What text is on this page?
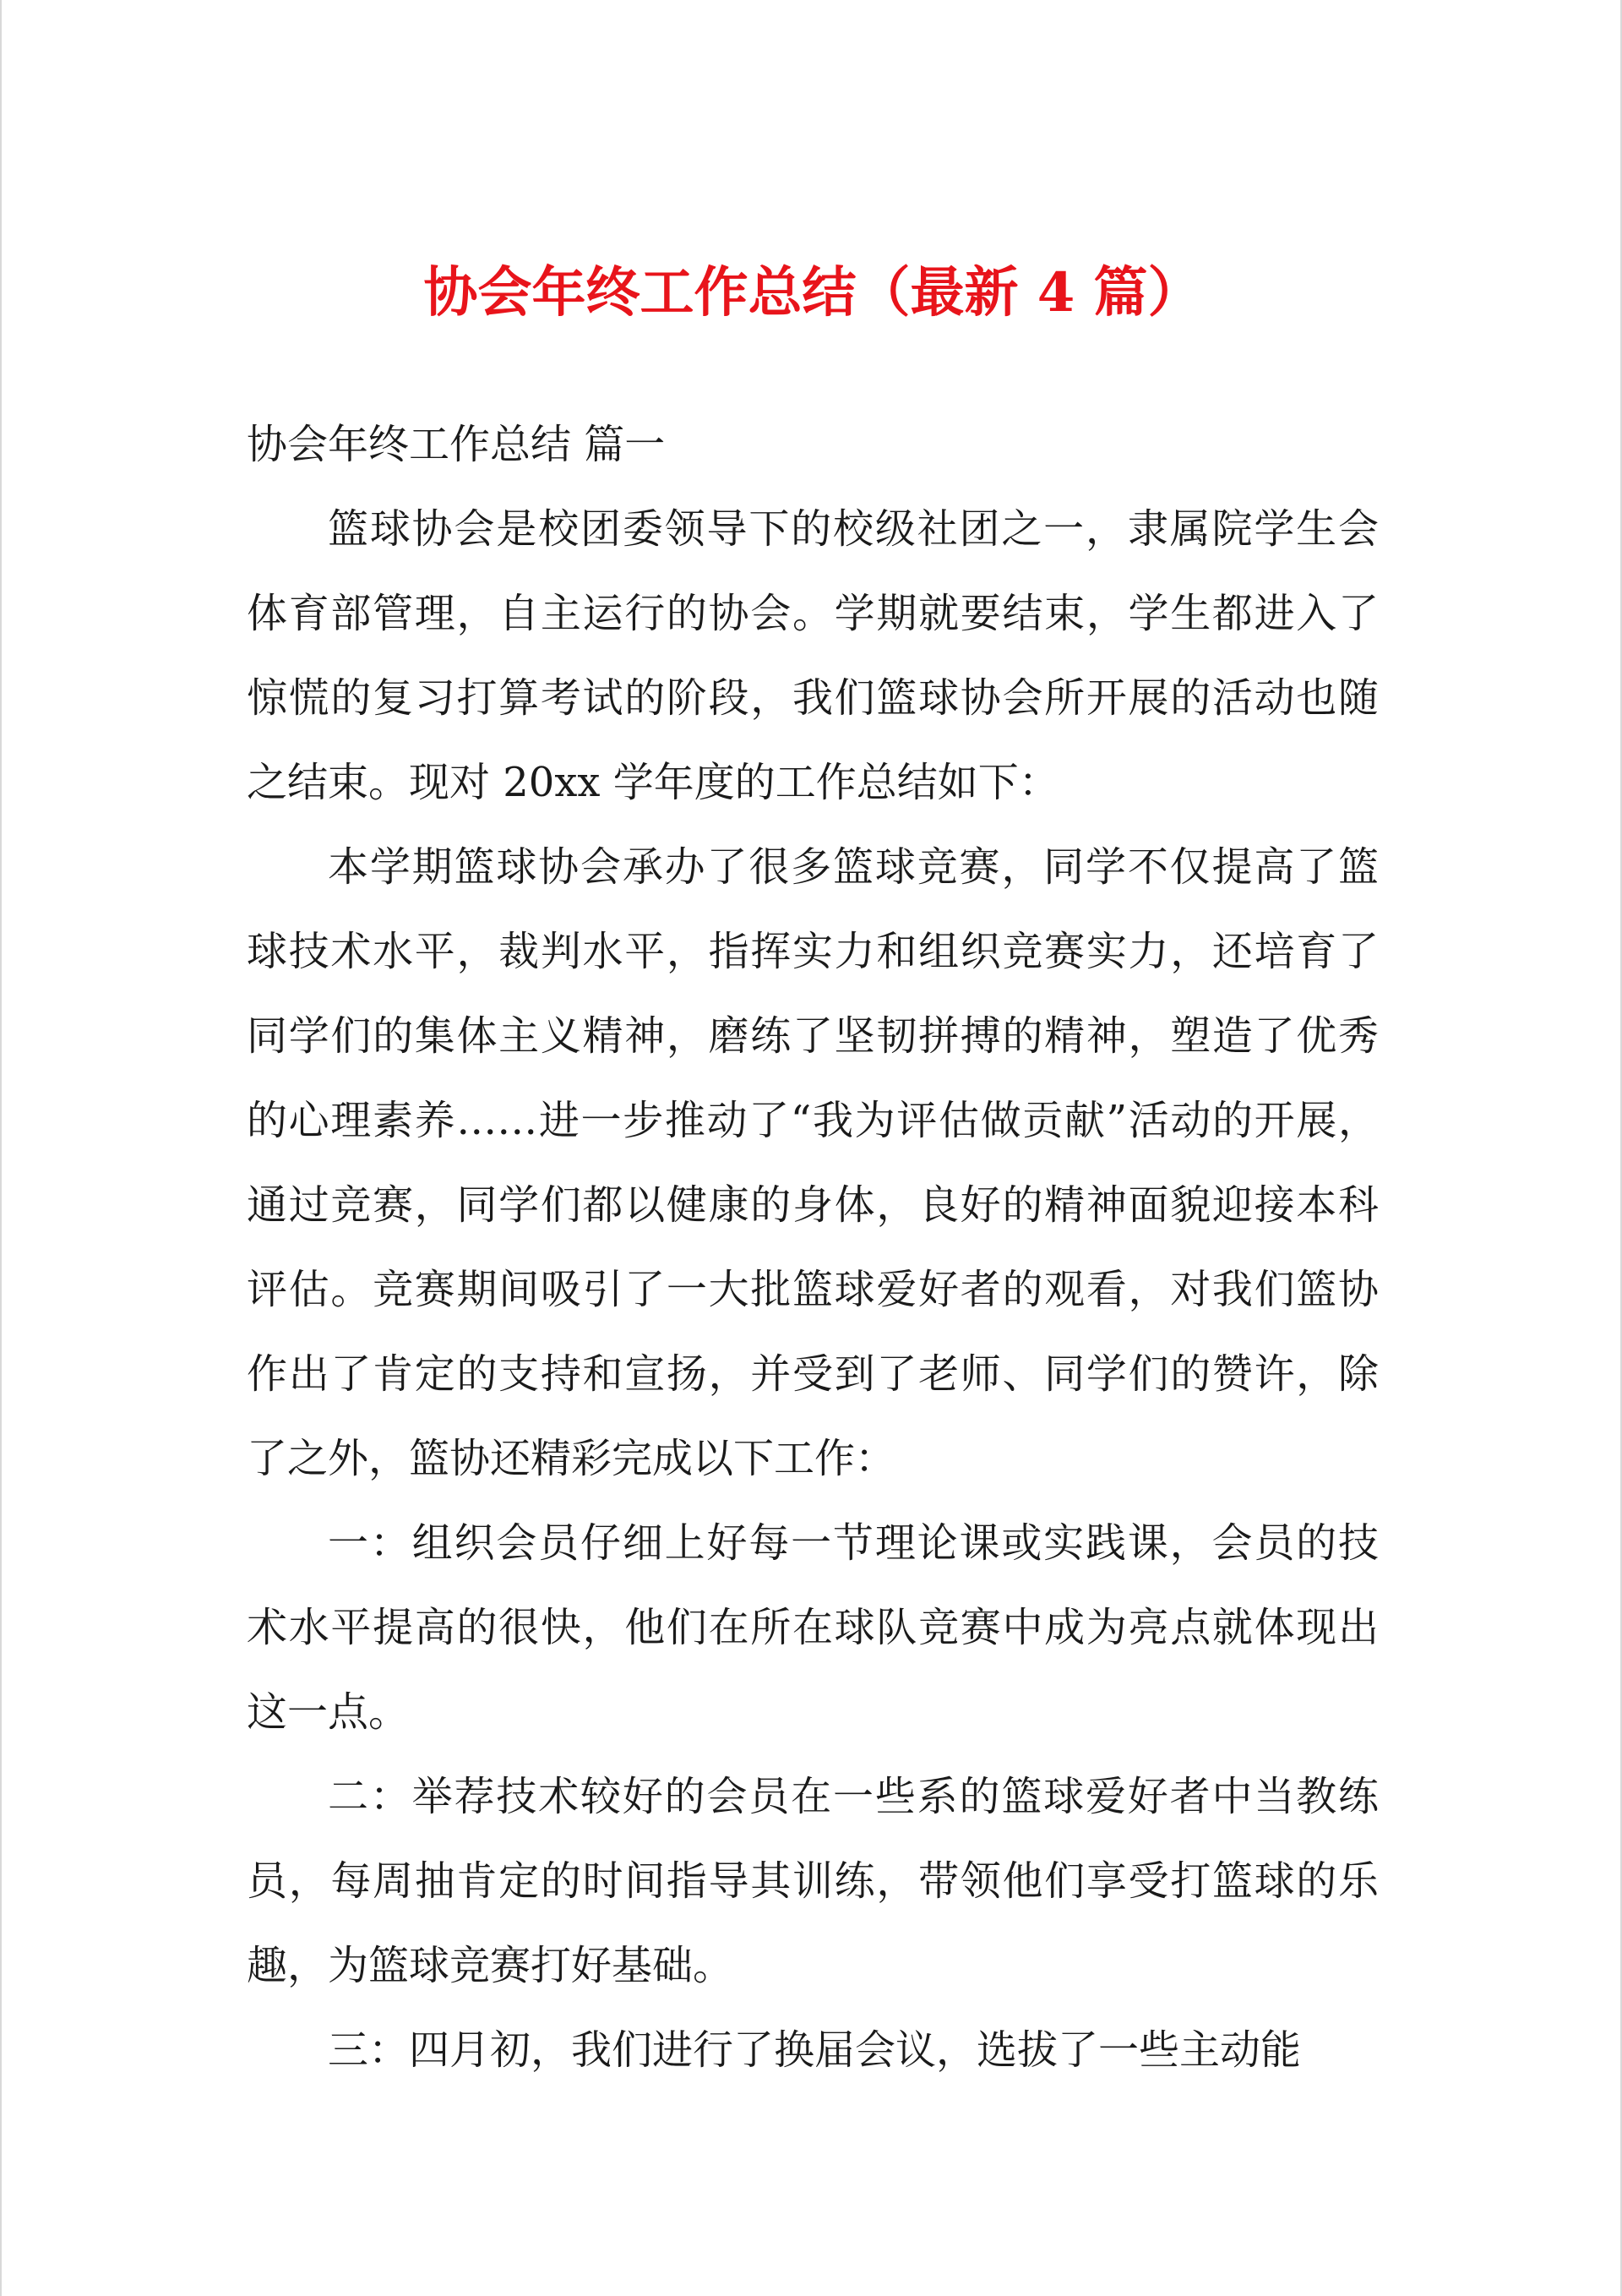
协会年终工作总结（最新 4 篇）
协会年终工作总结 篇一

篮球协会是校团委领导下的校级社团之一，隶属院学生会体育部管理，自主运行的协会。学期就要结束，学生都进入了惊慌的复习打算考试的阶段，我们篮球协会所开展的活动也随之结束。现对 20xx 学年度的工作总结如下：

本学期篮球协会承办了很多篮球竞赛，同学不仅提高了篮球技术水平，裁判水平，指挥实力和组织竞赛实力，还培育了同学们的集体主义精神，磨练了坚韧拼搏的精神，塑造了优秀的心理素养……进一步推动了“我为评估做贡献”活动的开展，通过竞赛，同学们都以健康的身体，良好的精神面貌迎接本科评估。竞赛期间吸引了一大批篮球爱好者的观看，对我们篮协作出了肯定的支持和宣扬，并受到了老师、同学们的赞许，除了之外，篮协还精彩完成以下工作：

一：组织会员仔细上好每一节理论课或实践课，会员的技术水平提高的很快，他们在所在球队竞赛中成为亮点就体现出这一点。

二：举荐技术较好的会员在一些系的篮球爱好者中当教练员，每周抽肯定的时间指导其训练，带领他们享受打篮球的乐趣，为篮球竞赛打好基础。

三：四月初，我们进行了换届会议，选拔了一些主动能
